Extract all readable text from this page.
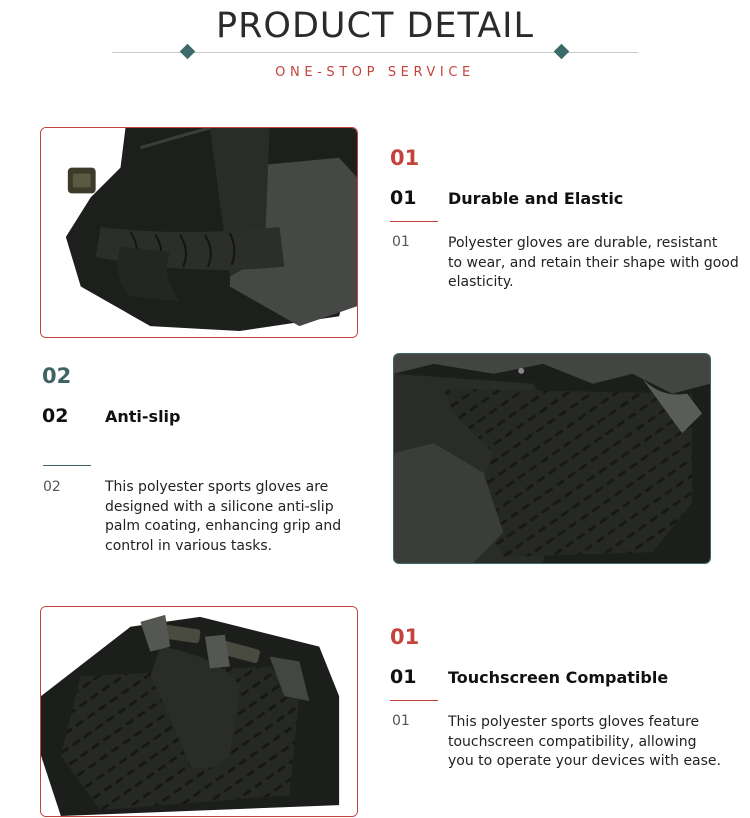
PRODUCT DETAIL
ONE-STOP SERVICE
01
01 Durable and Elastic
01	Polyester gloves are durable, resistant
to wear, and retain their shape with good
elasticity.
02
02 Anti-slip
02	This polyester sports gloves are
designed with a silicone anti-slip
palm coating, enhancing grip and
control in various tasks.
01
01 Touchscreen Compatible
01	This polyester sports gloves feature
touchscreen compatibility, allowing
you to operate your devices with ease.
